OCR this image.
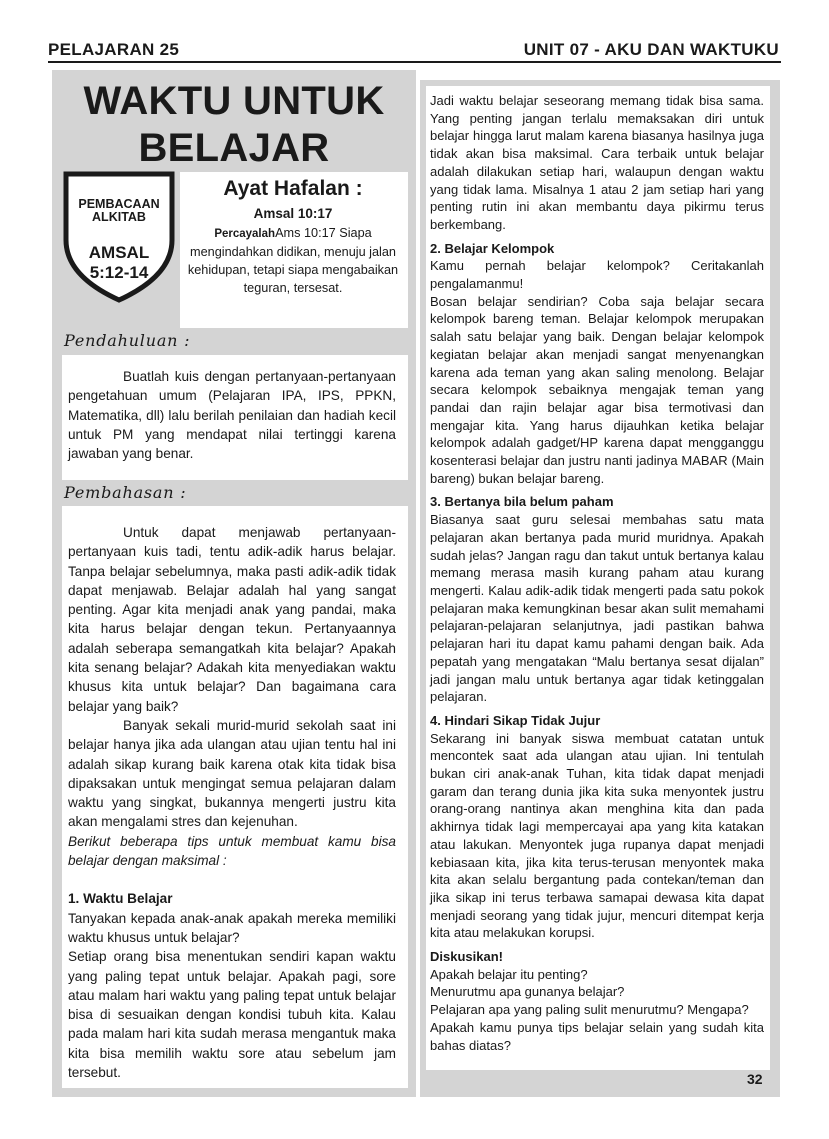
PELAJARAN 25	UNIT 07 - AKU DAN WAKTUKU
WAKTU UNTUK
BELAJAR
PEMBACAAN
ALKITAB
AMSAL
5:12-14
Ayat Hafalan :
Amsal 10:17
PercayalahAms 10:17 Siapa mengindahkan didikan, menuju jalan kehidupan, tetapi siapa mengabaikan teguran, tersesat.
Pendahuluan :

Buatlah kuis dengan pertanyaan-pertanyaan pengetahuan umum (Pelajaran IPA, IPS, PPKN, Matematika, dll) lalu berilah penilaian dan hadiah kecil untuk PM yang mendapat nilai tertinggi karena jawaban yang benar.

Pembahasan :

Untuk dapat menjawab pertanyaan-pertanyaan kuis tadi, tentu adik-adik harus belajar. Tanpa belajar sebelumnya, maka pasti adik-adik tidak dapat menjawab. Belajar adalah hal yang sangat penting. Agar kita menjadi anak yang pandai, maka kita harus belajar dengan tekun. Pertanyaannya adalah seberapa semangatkah kita belajar? Apakah kita senang belajar? Adakah kita menyediakan waktu khusus kita untuk belajar? Dan bagaimana cara belajar yang baik?

Banyak sekali murid-murid sekolah saat ini belajar hanya jika ada ulangan atau ujian tentu hal ini adalah sikap kurang baik karena otak kita tidak bisa dipaksakan untuk mengingat semua pelajaran dalam waktu yang singkat, bukannya mengerti justru kita akan mengalami stres dan kejenuhan.

Berikut beberapa tips untuk membuat kamu bisa belajar dengan maksimal :

1. Waktu Belajar

Tanyakan kepada anak-anak apakah mereka memiliki waktu khusus untuk belajar?

Setiap orang bisa menentukan sendiri kapan waktu yang paling tepat untuk belajar. Apakah pagi, sore atau malam hari waktu yang paling tepat untuk belajar bisa di sesuaikan dengan kondisi tubuh kita. Kalau pada malam hari kita sudah merasa mengantuk maka kita bisa memilih waktu sore atau sebelum jam tersebut.

Jadi waktu belajar seseorang memang tidak bisa sama. Yang penting jangan terlalu memaksakan diri untuk belajar hingga larut malam karena biasanya hasilnya juga tidak akan bisa maksimal. Cara terbaik untuk belajar adalah dilakukan setiap hari, walaupun dengan waktu yang tidak lama. Misalnya 1 atau 2 jam setiap hari yang penting rutin ini akan membantu daya pikirmu terus berkembang.

2. Belajar Kelompok

Kamu pernah belajar kelompok? Ceritakanlah pengalamanmu!

Bosan belajar sendirian? Coba saja belajar secara kelompok bareng teman. Belajar kelompok merupakan salah satu belajar yang baik. Dengan belajar kelompok kegiatan belajar akan menjadi sangat menyenangkan karena ada teman yang akan saling menolong. Belajar secara kelompok sebaiknya mengajak teman yang pandai dan rajin belajar agar bisa termotivasi dan mengajar kita. Yang harus dijauhkan ketika belajar kelompok adalah gadget/HP karena dapat mengganggu kosenterasi belajar dan justru nanti jadinya MABAR (Main bareng) bukan belajar bareng.

3. Bertanya bila belum paham

Biasanya saat guru selesai membahas satu mata pelajaran akan bertanya pada murid muridnya. Apakah sudah jelas? Jangan ragu dan takut untuk bertanya kalau memang merasa masih kurang paham atau kurang mengerti. Kalau adik-adik tidak mengerti pada satu pokok pelajaran maka kemungkinan besar akan sulit memahami pelajaran-pelajaran selanjutnya, jadi pastikan bahwa pelajaran hari itu dapat kamu pahami dengan baik. Ada pepatah yang mengatakan “Malu bertanya sesat dijalan” jadi jangan malu untuk bertanya agar tidak ketinggalan pelajaran.

4. Hindari Sikap Tidak Jujur

Sekarang ini banyak siswa membuat catatan untuk mencontek saat ada ulangan atau ujian. Ini tentulah bukan ciri anak-anak Tuhan, kita tidak dapat menjadi garam dan terang dunia jika kita suka menyontek justru orang-orang nantinya akan menghina kita dan pada akhirnya tidak lagi mempercayai apa yang kita katakan atau lakukan. Menyontek juga rupanya dapat menjadi kebiasaan kita, jika kita terus-terusan menyontek maka kita akan selalu bergantung pada contekan/teman dan jika sikap ini terus terbawa samapai dewasa kita dapat menjadi seorang yang tidak jujur, mencuri ditempat kerja kita atau melakukan korupsi.

Diskusikan!

Apakah belajar itu penting?

Menurutmu apa gunanya belajar?

Pelajaran apa yang paling sulit menurutmu? Mengapa?

Apakah kamu punya tips belajar selain yang sudah kita bahas diatas?

32
